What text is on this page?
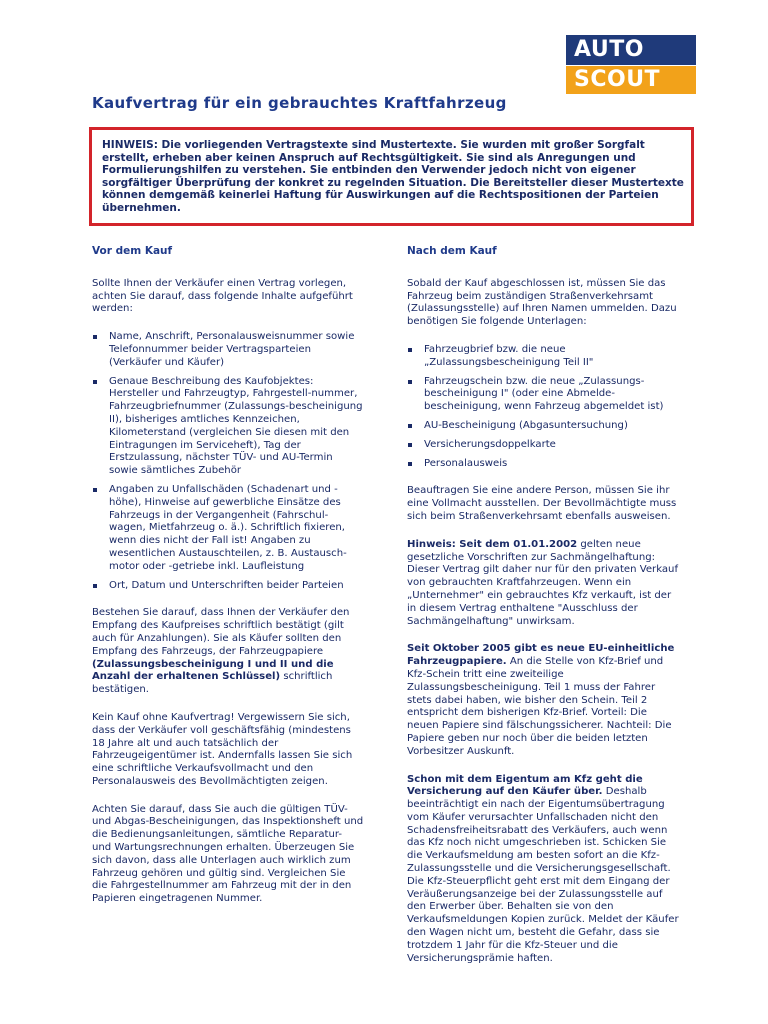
AUTO
SCOUT 24
Kaufvertrag für ein gebrauchtes Kraftfahrzeug
HINWEIS: Die vorliegenden Vertragstexte sind Mustertexte. Sie wurden mit großer Sorgfalt erstellt, erheben aber keinen Anspruch auf Rechtsgültigkeit. Sie sind als Anregungen und Formulierungshilfen zu verstehen. Sie entbinden den Verwender jedoch nicht von eigener sorgfältiger Überprüfung der konkret zu regelnden Situation. Die Bereitsteller dieser Mustertexte können demgemäß keinerlei Haftung für Auswirkungen auf die Rechtspositionen der Parteien übernehmen.
Vor dem Kauf

Sollte Ihnen der Verkäufer einen Vertrag vorlegen, achten Sie darauf, dass folgende Inhalte aufgeführt werden:

Name, Anschrift, Personalausweisnummer sowie Telefonnummer beider Vertragsparteien (Verkäufer und Käufer)
Genaue Beschreibung des Kaufobjektes: Hersteller und Fahrzeugtyp, Fahrgestell-nummer, Fahrzeugbriefnummer (Zulassungs-bescheinigung II), bisheriges amtliches Kennzeichen, Kilometerstand (vergleichen Sie diesen mit den Eintragungen im Serviceheft), Tag der Erstzulassung, nächster TÜV- und AU-Termin sowie sämtliches Zubehör
Angaben zu Unfallschäden (Schadenart und -höhe), Hinweise auf gewerbliche Einsätze des Fahrzeugs in der Vergangenheit (Fahrschul-wagen, Mietfahrzeug o. ä.). Schriftlich fixieren, wenn dies nicht der Fall ist! Angaben zu wesentlichen Austauschteilen, z. B. Austausch-motor oder -getriebe inkl. Laufleistung
Ort, Datum und Unterschriften beider Parteien

Bestehen Sie darauf, dass Ihnen der Verkäufer den Empfang des Kaufpreises schriftlich bestätigt (gilt auch für Anzahlungen). Sie als Käufer sollten den Empfang des Fahrzeugs, der Fahrzeugpapiere (Zulassungsbescheinigung I und II und die Anzahl der erhaltenen Schlüssel) schriftlich bestätigen.

Kein Kauf ohne Kaufvertrag! Vergewissern Sie sich, dass der Verkäufer voll geschäftsfähig (mindestens 18 Jahre alt und auch tatsächlich der Fahrzeugeigentümer ist. Andernfalls lassen Sie sich eine schriftliche Verkaufsvollmacht und den Personalausweis des Bevollmächtigten zeigen.

Achten Sie darauf, dass Sie auch die gültigen TÜV- und Abgas-Bescheinigungen, das Inspektionsheft und die Bedienungsanleitungen, sämtliche Reparatur- und Wartungsrechnungen erhalten. Überzeugen Sie sich davon, dass alle Unterlagen auch wirklich zum Fahrzeug gehören und gültig sind. Vergleichen Sie die Fahrgestellnummer am Fahrzeug mit der in den Papieren eingetragenen Nummer.

Nach dem Kauf

Sobald der Kauf abgeschlossen ist, müssen Sie das Fahrzeug beim zuständigen Straßenverkehrsamt (Zulassungsstelle) auf Ihren Namen ummelden. Dazu benötigen Sie folgende Unterlagen:

Fahrzeugbrief bzw. die neue „Zulassungsbescheinigung Teil II"
Fahrzeugschein bzw. die neue „Zulassungs-bescheinigung I" (oder eine Abmelde-bescheinigung, wenn Fahrzeug abgemeldet ist)
AU-Bescheinigung (Abgasuntersuchung)
Versicherungsdoppelkarte
Personalausweis

Beauftragen Sie eine andere Person, müssen Sie ihr eine Vollmacht ausstellen. Der Bevollmächtigte muss sich beim Straßenverkehrsamt ebenfalls ausweisen.

Hinweis: Seit dem 01.01.2002 gelten neue gesetzliche Vorschriften zur Sachmängelhaftung: Dieser Vertrag gilt daher nur für den privaten Verkauf von gebrauchten Kraftfahrzeugen. Wenn ein „Unternehmer" ein gebrauchtes Kfz verkauft, ist der in diesem Vertrag enthaltene "Ausschluss der Sachmängelhaftung" unwirksam.

Seit Oktober 2005 gibt es neue EU-einheitliche Fahrzeugpapiere. An die Stelle von Kfz-Brief und Kfz-Schein tritt eine zweiteilige Zulassungsbescheinigung. Teil 1 muss der Fahrer stets dabei haben, wie bisher den Schein. Teil 2 entspricht dem bisherigen Kfz-Brief. Vorteil: Die neuen Papiere sind fälschungssicherer. Nachteil: Die Papiere geben nur noch über die beiden letzten Vorbesitzer Auskunft.

Schon mit dem Eigentum am Kfz geht die Versicherung auf den Käufer über. Deshalb beeinträchtigt ein nach der Eigentumsübertragung vom Käufer verursachter Unfallschaden nicht den Schadensfreiheitsrabatt des Verkäufers, auch wenn das Kfz noch nicht umgeschrieben ist. Schicken Sie die Verkaufsmeldung am besten sofort an die Kfz-Zulassungsstelle und die Versicherungsgesellschaft. Die Kfz-Steuerpflicht geht erst mit dem Eingang der Veräußerungsanzeige bei der Zulassungsstelle auf den Erwerber über. Behalten sie von den Verkaufsmeldungen Kopien zurück. Meldet der Käufer den Wagen nicht um, besteht die Gefahr, dass sie trotzdem 1 Jahr für die Kfz-Steuer und die Versicherungsprämie haften.
